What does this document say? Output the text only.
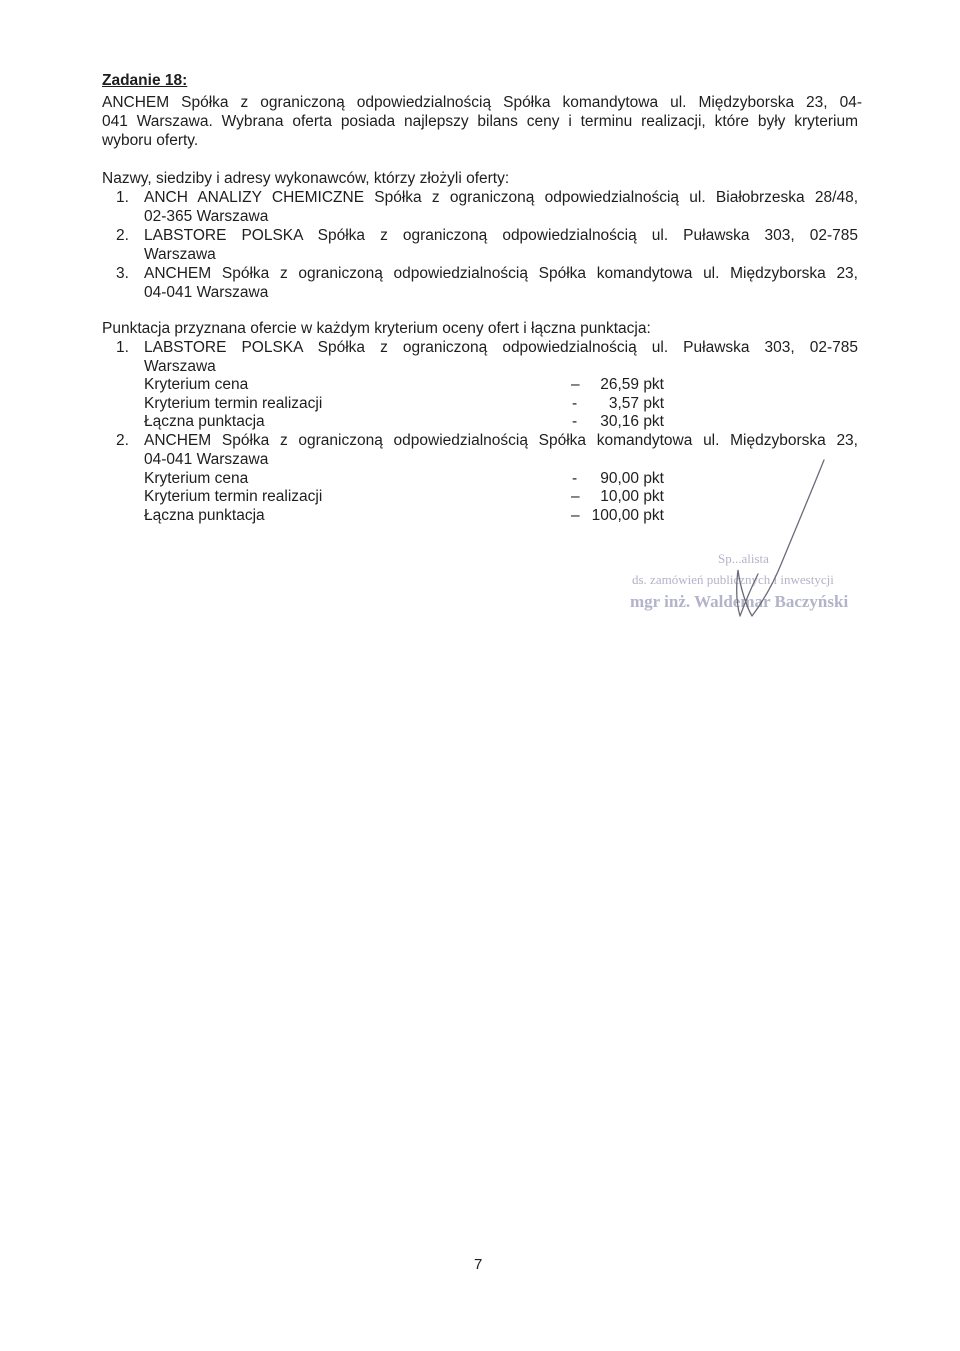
Zadanie 18:
ANCHEM Spółka z ograniczoną odpowiedzialnością Spółka komandytowa ul. Międzyborska 23, 04-
041 Warszawa. Wybrana oferta posiada najlepszy bilans ceny i terminu realizacji, które były kryterium
wyboru oferty.
Nazwy, siedziby i adresy wykonawców, którzy złożyli oferty:
1. ANCH ANALIZY CHEMICZNE Spółka z ograniczoną odpowiedzialnością ul. Białobrzeska 28/48,
02-365 Warszawa
2. LABSTORE POLSKA Spółka z ograniczoną odpowiedzialnością ul. Puławska 303, 02-785
Warszawa
3. ANCHEM Spółka z ograniczoną odpowiedzialnością Spółka komandytowa ul. Międzyborska 23,
04-041 Warszawa
Punktacja przyznana ofercie w każdym kryterium oceny ofert i łączna punktacja:
1. LABSTORE POLSKA Spółka z ograniczoną odpowiedzialnością ul. Puławska 303, 02-785
Warszawa
Kryterium cena	–	26,59 pkt
Kryterium termin realizacji	-	3,57 pkt
Łączna punktacja	-	30,16 pkt
2. ANCHEM Spółka z ograniczoną odpowiedzialnością Spółka komandytowa ul. Międzyborska 23,
04-041 Warszawa
Kryterium cena	-	90,00 pkt
Kryterium termin realizacji	–	10,00 pkt
Łączna punktacja	– 100,00 pkt
Sp...alista
ds. zamówień publicznych i inwestycji
mgr inż. Waldemar Baczyński
7
